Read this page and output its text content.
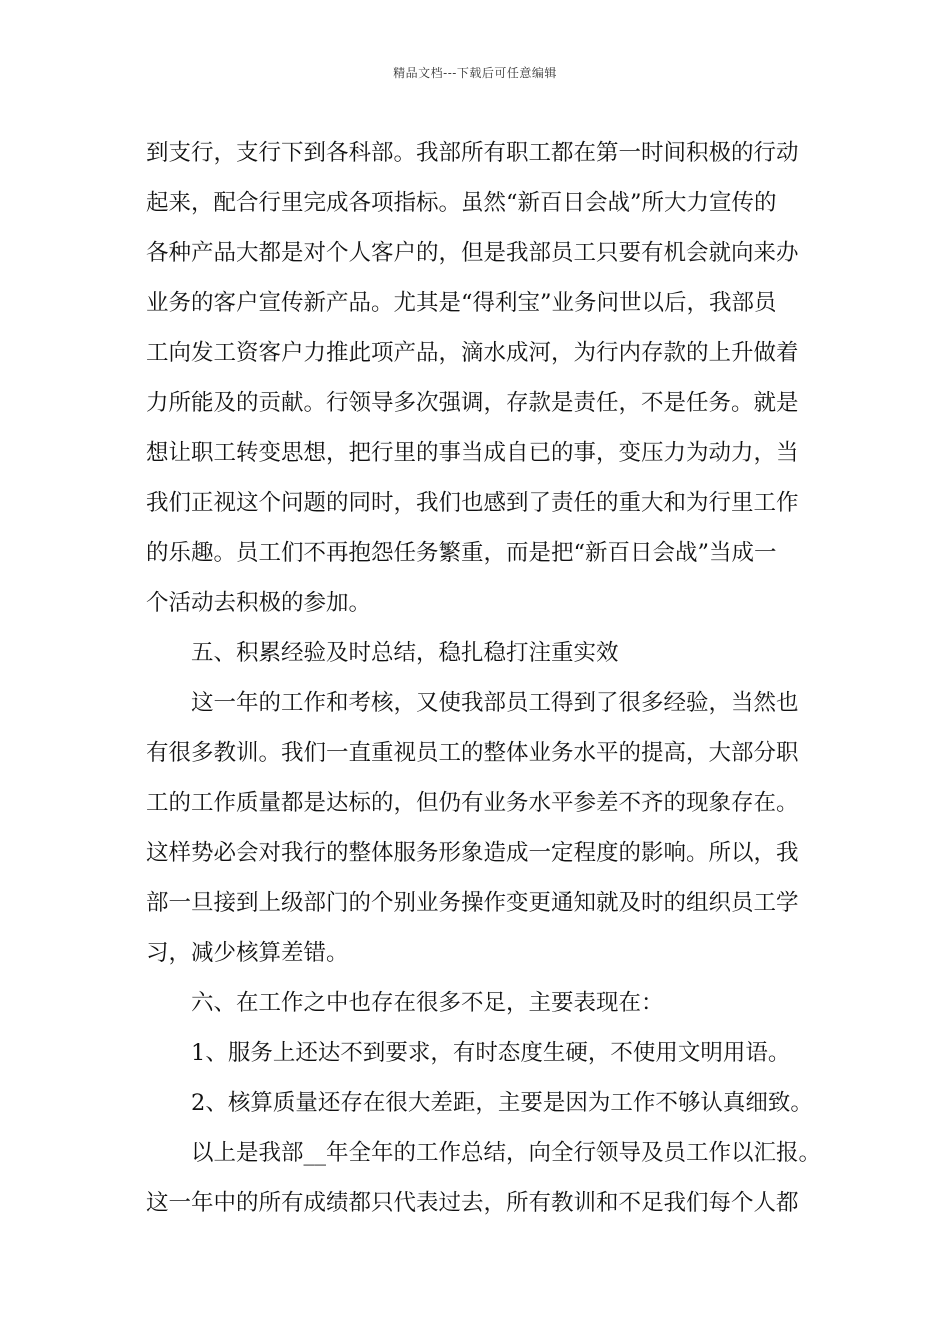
精品文档---下载后可任意编辑
到支行，支行下到各科部。我部所有职工都在第一时间积极的行动
起来，配合行里完成各项指标。虽然“新百日会战”所大力宣传的
各种产品大都是对个人客户的，但是我部员工只要有机会就向来办
业务的客户宣传新产品。尤其是“得利宝”业务问世以后，我部员
工向发工资客户力推此项产品，滴水成河，为行内存款的上升做着
力所能及的贡献。行领导多次强调，存款是责任，不是任务。就是
想让职工转变思想，把行里的事当成自已的事，变压力为动力，当
我们正视这个问题的同时，我们也感到了责任的重大和为行里工作
的乐趣。员工们不再抱怨任务繁重，而是把“新百日会战”当成一
个活动去积极的参加。
五、积累经验及时总结，稳扎稳打注重实效
这一年的工作和考核，又使我部员工得到了很多经验，当然也
有很多教训。我们一直重视员工的整体业务水平的提高，大部分职
工的工作质量都是达标的，但仍有业务水平参差不齐的现象存在。
这样势必会对我行的整体服务形象造成一定程度的影响。所以，我
部一旦接到上级部门的个别业务操作变更通知就及时的组织员工学
习，减少核算差错。
六、在工作之中也存在很多不足，主要表现在：
1、服务上还达不到要求，有时态度生硬，不使用文明用语。
2、核算质量还存在很大差距，主要是因为工作不够认真细致。
以上是我部__年全年的工作总结，向全行领导及员工作以汇报。
这一年中的所有成绩都只代表过去，所有教训和不足我们每个人都
